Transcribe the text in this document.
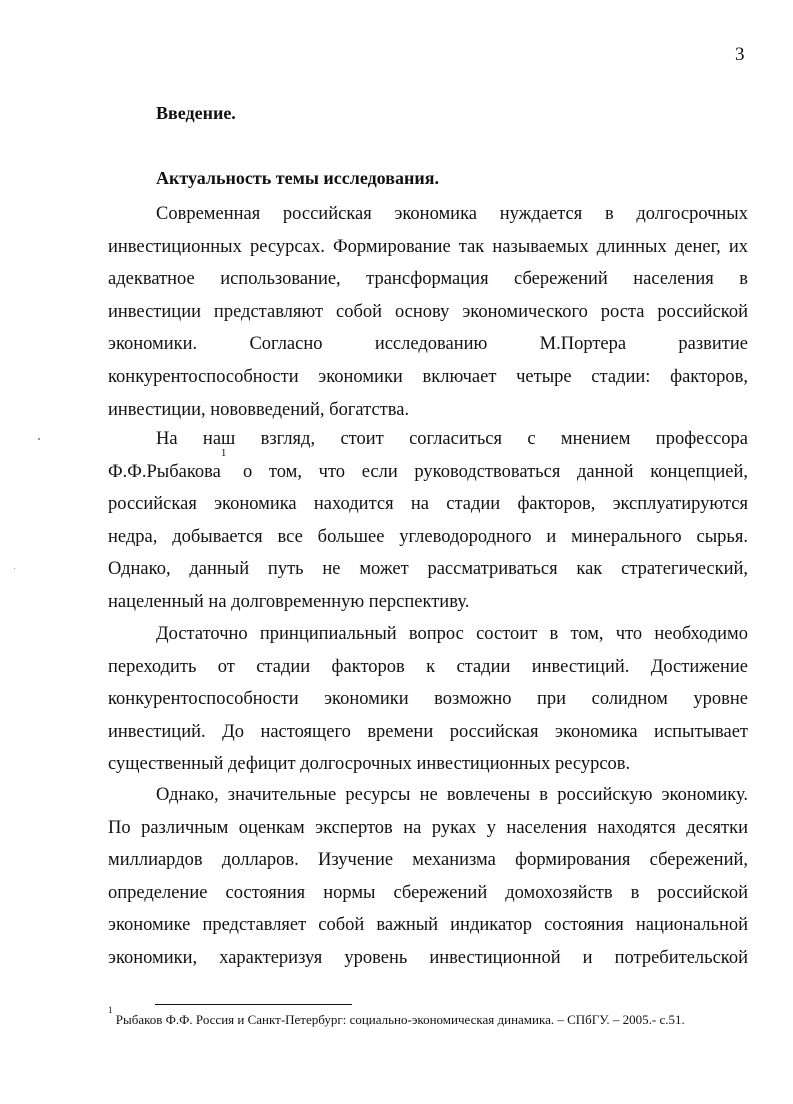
3
Введение.
Актуальность темы исследования.
Современная российская экономика нуждается в долгосрочных
инвестиционных ресурсах. Формирование так называемых длинных денег, их
адекватное использование, трансформация сбережений населения в
инвестиции представляют собой основу экономического роста российской
экономики. Согласно исследованию М.Портера развитие
конкурентоспособности экономики включает четыре стадии: факторов,
инвестиции, нововведений, богатства.
На наш взгляд, стоит согласиться с мнением профессора
Ф.Ф.Рыбакова$^1$ о том, что если руководствоваться данной концепцией,
российская экономика находится на стадии факторов, эксплуатируются
недра, добывается все большее углеводородного и минерального сырья.
Однако, данный путь не может рассматриваться как стратегический,
нацеленный на долговременную перспективу.
Достаточно принципиальный вопрос состоит в том, что необходимо
переходить от стадии факторов к стадии инвестиций. Достижение
конкурентоспособности экономики возможно при солидном уровне
инвестиций. До настоящего времени российская экономика испытывает
существенный дефицит долгосрочных инвестиционных ресурсов.
Однако, значительные ресурсы не вовлечены в российскую экономику.
По различным оценкам экспертов на руках у населения находятся десятки
миллиардов долларов. Изучение механизма формирования сбережений,
определение состояния нормы сбережений домохозяйств в российской
экономике представляет собой важный индикатор состояния национальной
экономики, характеризуя уровень инвестиционной и потребительской
$^1$ Рыбаков Ф.Ф. Россия и Санкт-Петербург: социально-экономическая динамика. – СПбГУ. – 2005.- с.51.
